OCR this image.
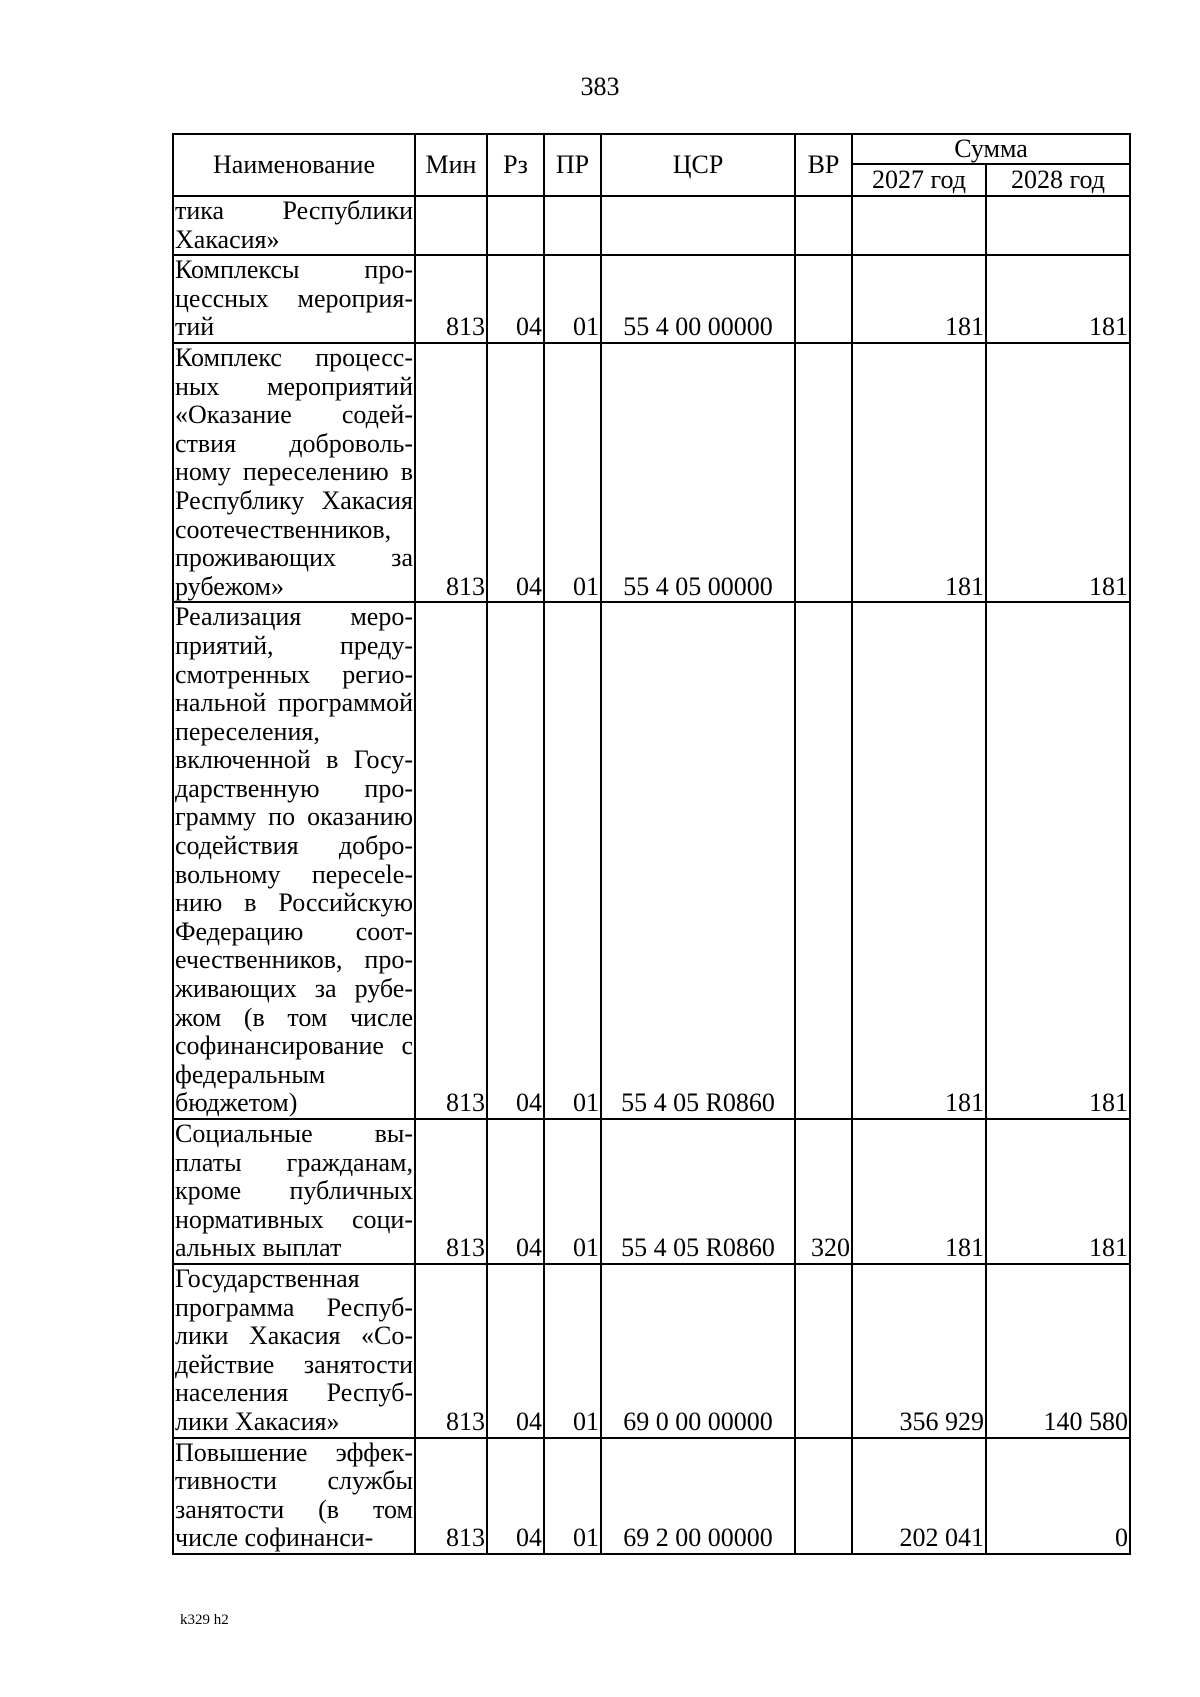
383
Наименование	Мин	Рз	ПР	ЦСР	ВР	Сумма	
						2027 год	2028 год
тика Республики Хакасия»							
Комплексы процессных мероприятий	813	04	01	55 4 00 00000		181	181
Комплекс процессных мероприятий «Оказание содействия добровольному переселению в Республику Хакасия соотечественников, проживающих за рубежом»	813	04	01	55 4 05 00000		181	181
Реализация мероприятий, предусмотренных региональной программой переселения, включенной в Государственную программу по оказанию содействия добровольному пересeleнию в Российскую Федерацию соотечественников, проживающих за рубежом (в том числе софинансирование с федеральным бюджетом)	813	04	01	55 4 05 R0860		181	181
Социальные выплаты гражданам, кроме публичных нормативных социальных выплат	813	04	01	55 4 05 R0860	320	181	181
Государственная программа Республики Хакасия «Содействие занятости населения Республики Хакасия»	813	04	01	69 0 00 00000		356 929	140 580
Повышение эффективности службы занятости (в том числе софинанси-	813	04	01	69 2 00 00000		202 041	0
k329 h2
